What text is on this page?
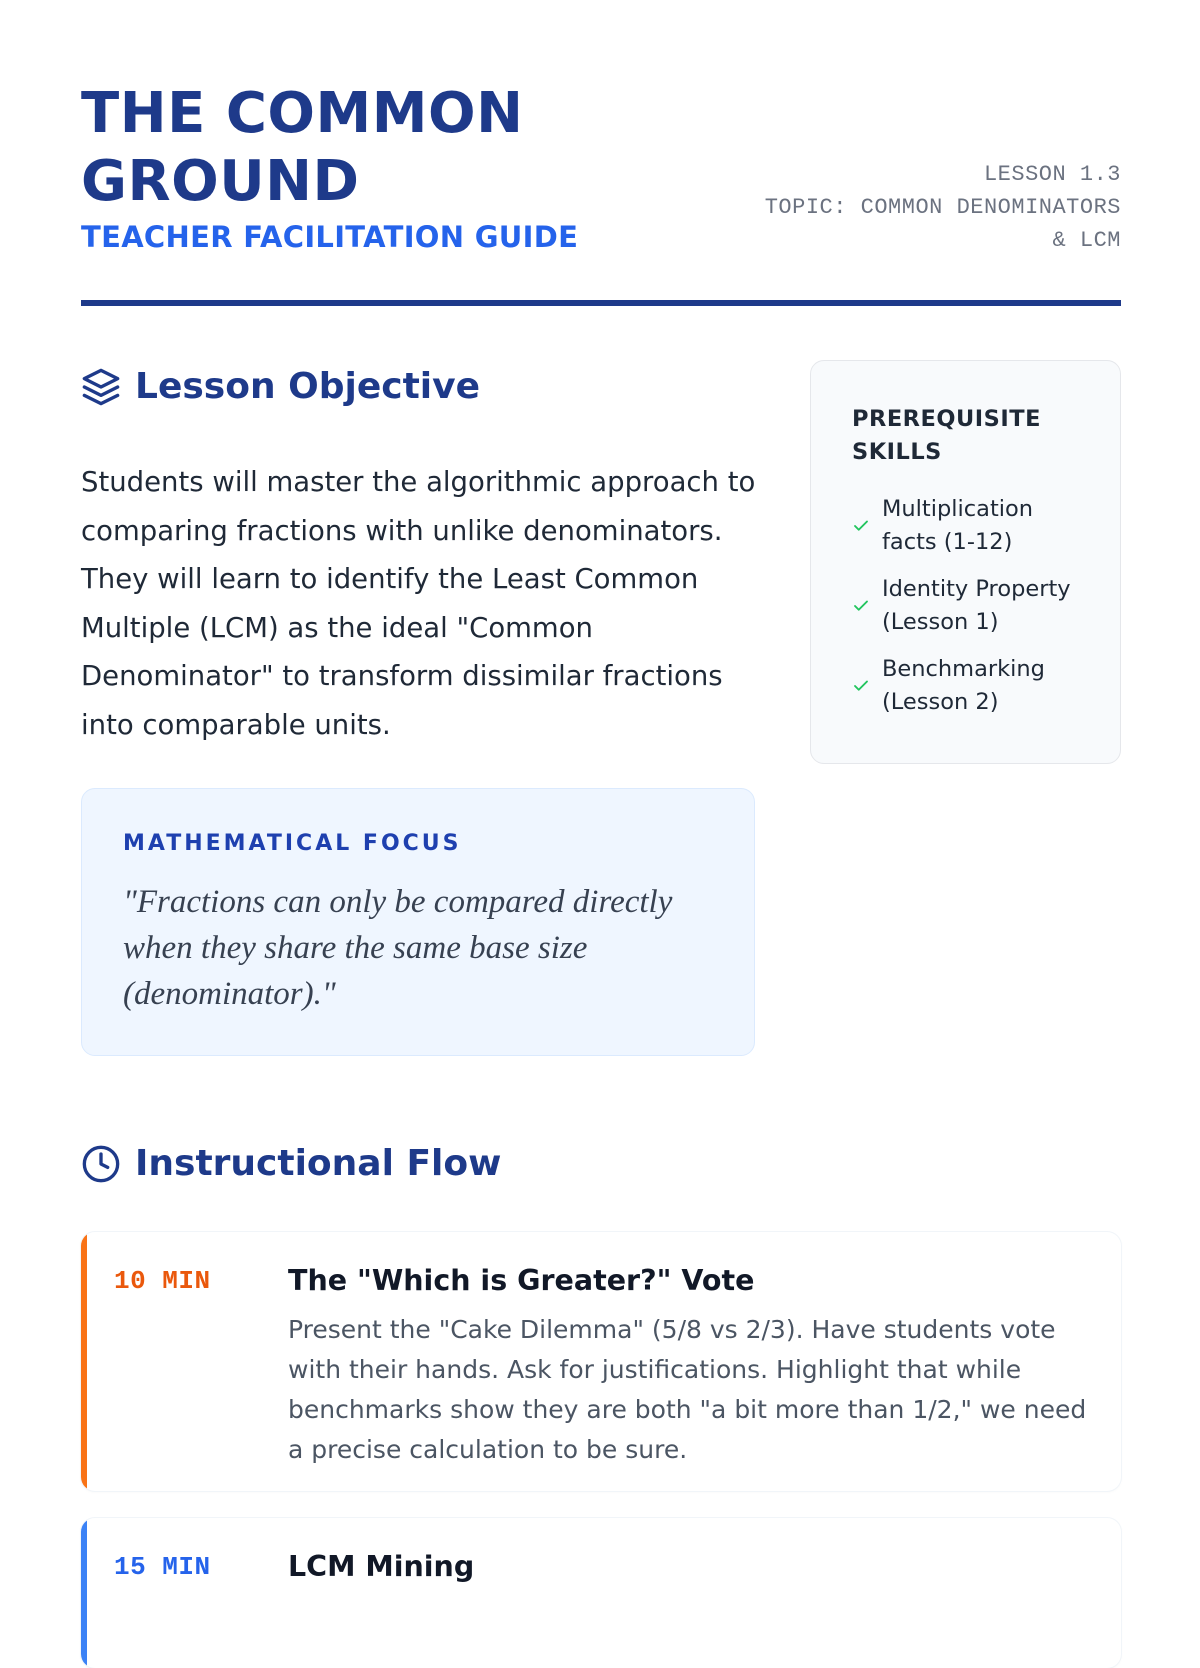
THE COMMON
GROUND
TEACHER FACILITATION GUIDE
LESSON 1.3
TOPIC: COMMON DENOMINATORS
& LCM
Lesson Objective

Students will master the algorithmic approach to comparing fractions with unlike denominators. They will learn to identify the Least Common Multiple (LCM) as the ideal "Common Denominator" to transform dissimilar fractions into comparable units.

MATHEMATICAL FOCUS

"Fractions can only be compared directly when they share the same base size (denominator)."

PREREQUISITE SKILLS
Multiplication facts (1-12)
Identity Property (Lesson 1)
Benchmarking (Lesson 2)
Instructional Flow
10 MIN	The "Which is Greater?" Vote

Present the "Cake Dilemma" (5/8 vs 2/3). Have students vote with their hands. Ask for justifications. Highlight that while benchmarks show they are both "a bit more than 1/2," we need a precise calculation to be sure.

15 MIN	LCM Mining
